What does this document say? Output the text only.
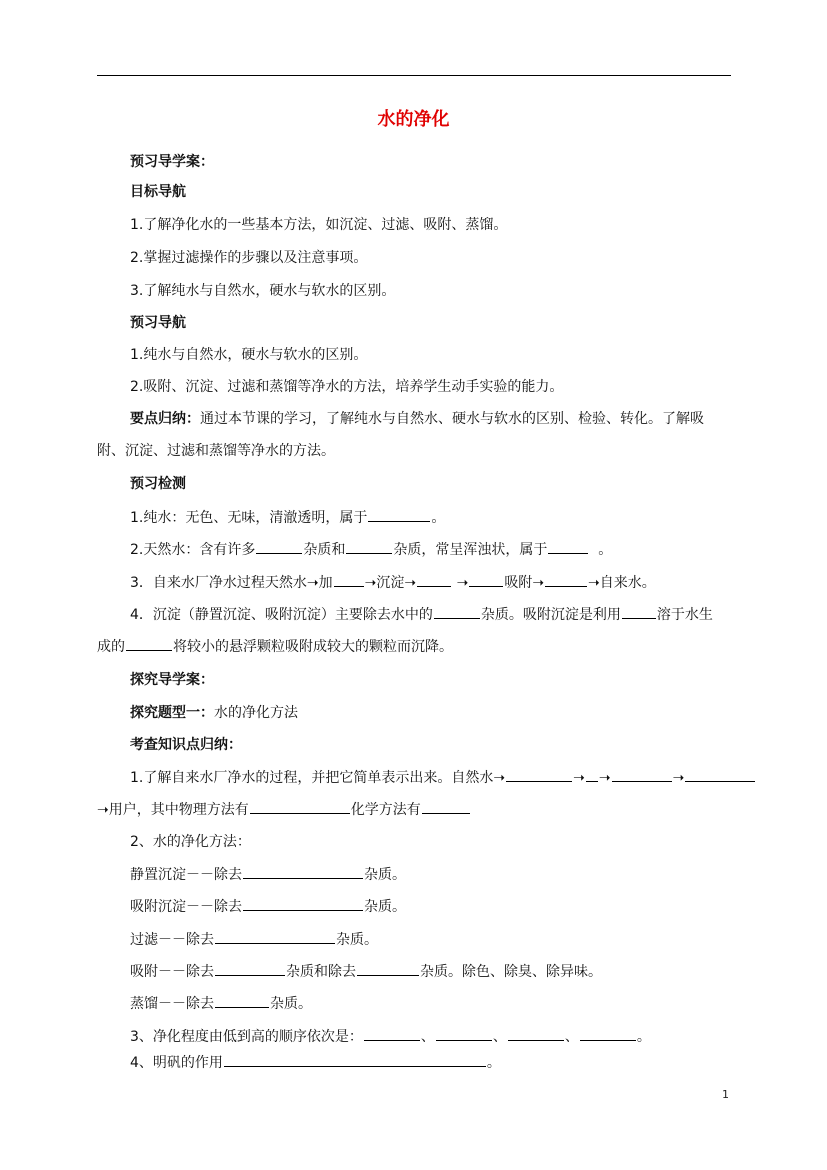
水的净化
预习导学案：
目标导航
1.了解净化水的一些基本方法，如沉淀、过滤、吸附、蒸馏。
2.掌握过滤操作的步骤以及注意事项。
3.了解纯水与自然水，硬水与软水的区别。
预习导航
1.纯水与自然水，硬水与软水的区别。
2.吸附、沉淀、过滤和蒸馏等净水的方法，培养学生动手实验的能力。
要点归纳：通过本节课的学习，了解纯水与自然水、硬水与软水的区别、检验、转化。了解吸
附、沉淀、过滤和蒸馏等净水的方法。
预习检测
1.纯水：无色、无味，清澈透明，属于	。
2.天然水：含有许多	杂质和	杂质，常呈浑浊状，属于	。
3．自来水厂净水过程天然水➝加 ➝沉淀➝	➝	吸附➝	➝自来水。
4．沉淀（静置沉淀、吸附沉淀）主要除去水中的	杂质。吸附沉淀是利用	溶于水生
成的	将较小的悬浮颗粒吸附成较大的颗粒而沉降。
探究导学案：
探究题型一：水的净化方法
考查知识点归纳：
1.了解自来水厂净水的过程，并把它简单表示出来。自然水➝	➝ ➝	➝
➝用户，其中物理方法有	化学方法有
2、水的净化方法：
静置沉淀－－除去	杂质。
吸附沉淀－－除去	杂质。
过滤－－除去	杂质。
吸附－－除去	杂质和除去	杂质。除色、除臭、除异味。
蒸馏－－除去	杂质。
3、净化程度由低到高的顺序依次是：	、	、	、	。
4、明矾的作用	。
1
